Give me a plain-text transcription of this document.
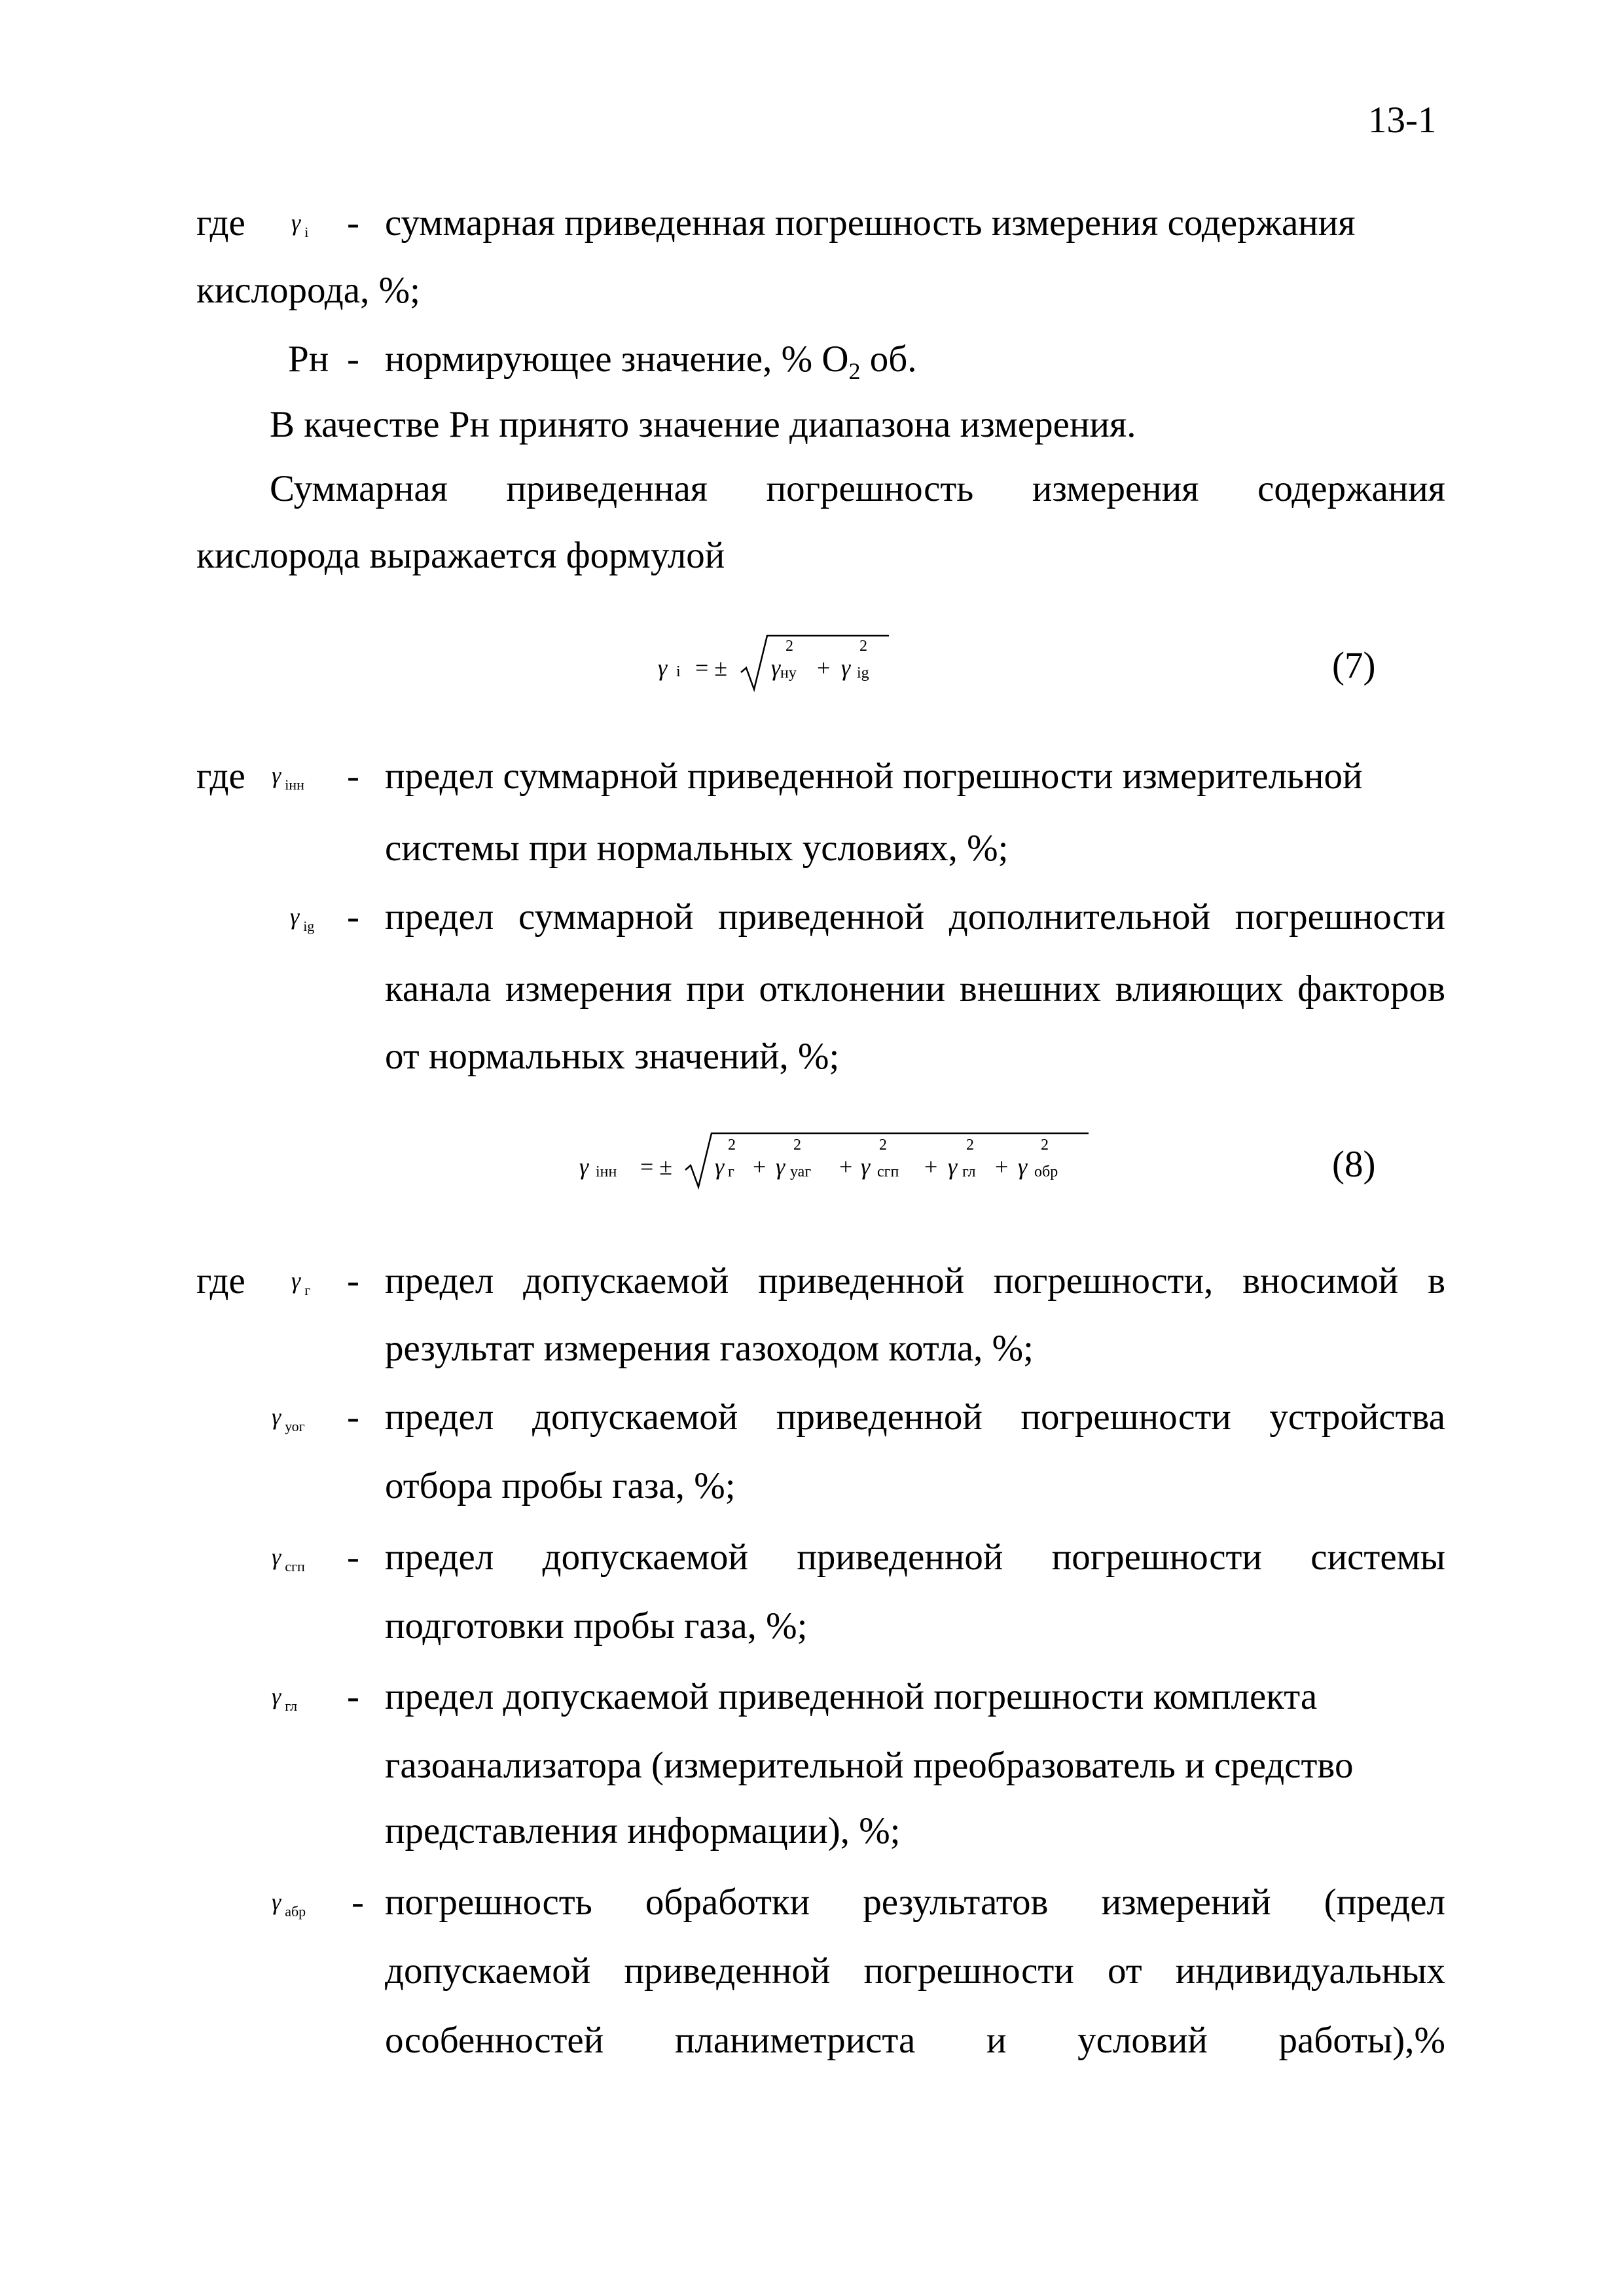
13-1
где γ $_i$ - суммарная приведенная погрешность измерения содержания
кислорода, %;
Pн - нормирующее значение, % $O_2$ об.
В качестве Pн принято значение диапазона измерения.
Суммарная приведенная погрешность измерения содержания
кислорода выражается формулой
γ i = ± γ
2
ну + γ
2
ig	(7)
где γ $_{iнн}$ - предел суммарной приведенной погрешности измерительной
системы при нормальных условиях, %;
γ $_{ig}$ - предел суммарной приведенной дополнительной погрешности
канала измерения при отклонении внешних влияющих факторов
от нормальных значений, %;
γ iнн = ± γ
2
г + γ
2
уаг + γ
2
сгп + γ
2
гл + γ
2
обр	(8)
где γ $_г$ - предел допускаемой приведенной погрешности, вносимой в
результат измерения газоходом котла, %;
γ $_{уог}$ - предел допускаемой приведенной погрешности устройства
отбора пробы газа, %;
γ $_{сгп}$ - предел допускаемой приведенной погрешности системы
подготовки пробы газа, %;
γ $_{гл}$ - предел допускаемой приведенной погрешности комплекта
газоанализатора (измерительной преобразователь и средство
представления информации), %;
γ $_{абр}$ - погрешность обработки результатов измерений (предел
допускаемой приведенной погрешности от индивидуальных
особенностей планиметриста и условий работы),%
